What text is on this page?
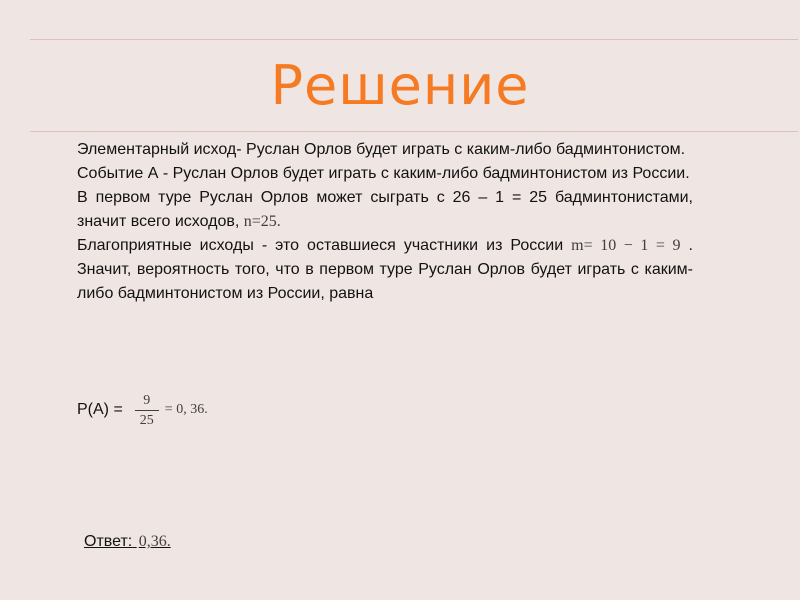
Решение

Элементарный исход- Руслан Орлов будет играть с каким-либо бадминтонистом.

Событие А - Руслан Орлов будет играть с каким-либо бадминтонистом из России.

В первом туре Руслан Орлов может сыграть с 26 – 1 = 25 бадминтонистами, значит всего исходов, n=25.

Благоприятные исходы - это оставшиеся участники из России m= 10 − 1 = 9 . Значит, вероятность того, что в первом туре Руслан Орлов будет играть с каким-либо бадминтонистом из России, равна

$P(A) = \frac{9}{25} = 0$, 36.
Ответ: 0,36.
